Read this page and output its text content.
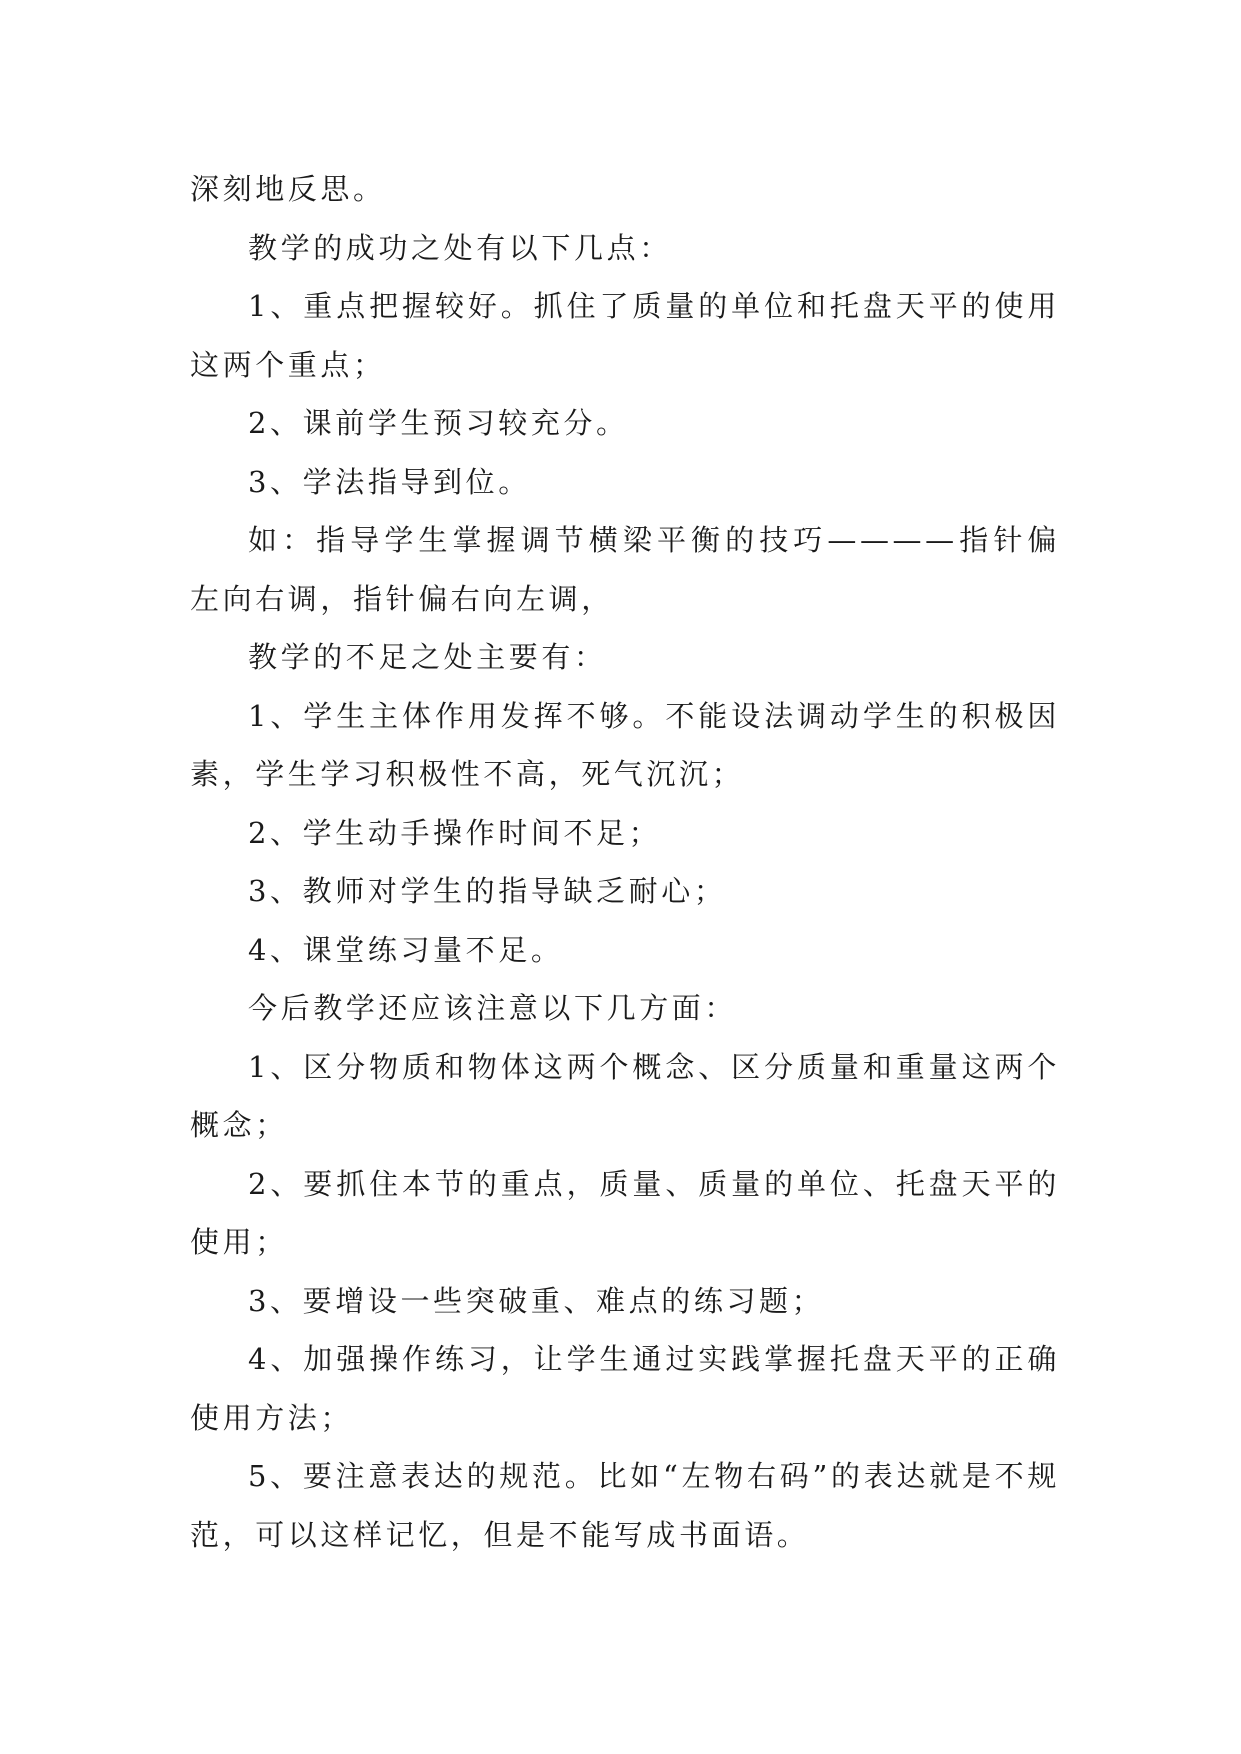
深刻地反思。

教学的成功之处有以下几点：

1、重点把握较好。抓住了质量的单位和托盘天平的使用这两个重点；

2、课前学生预习较充分。

3、学法指导到位。

如：指导学生掌握调节横梁平衡的技巧————指针偏左向右调，指针偏右向左调，

教学的不足之处主要有：

1、学生主体作用发挥不够。不能设法调动学生的积极因素，学生学习积极性不高，死气沉沉；

2、学生动手操作时间不足；

3、教师对学生的指导缺乏耐心；

4、课堂练习量不足。

今后教学还应该注意以下几方面：

1、区分物质和物体这两个概念、区分质量和重量这两个概念；

2、要抓住本节的重点，质量、质量的单位、托盘天平的使用；

3、要增设一些突破重、难点的练习题；

4、加强操作练习，让学生通过实践掌握托盘天平的正确使用方法；

5、要注意表达的规范。比如“左物右码”的表达就是不规范，可以这样记忆，但是不能写成书面语。
